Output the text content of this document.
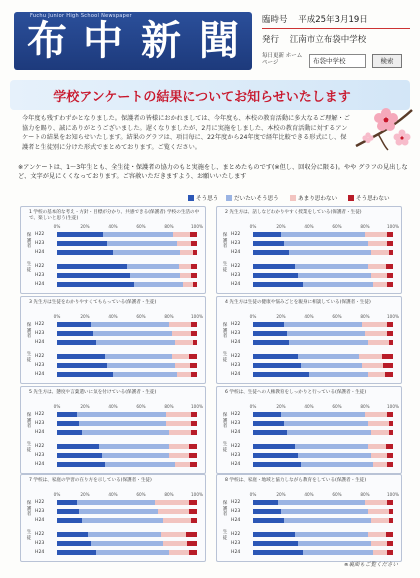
Fuchu Junior High School Newspaper
布 中 新 聞	臨時号 平成25年3月19日
発行 江南市立布袋中学校
毎日更新 ホームページ	布袋中学校	検索
学校アンケートの結果についてお知らせいたします
今年度も残すわずかとなりました。保護者の皆様におかれましては、今年度も、本校の教育活動に多大なるご理解・ご協力を賜り、誠にありがとうございました。遅くなりましたが、2月に実施をしました、本校の教育活動に対するアンケートの結果をお知らせいたします。結果のグラフは、項目毎に、22年度から24年度で経年比較できる形式にし、保護者と生徒別に分けた形式でまとめております。ご覧ください。
※アンケートは、1〜3年生とも、全生徒・保護者の協力のもと実施をし、まとめたものです(※但し、回収分に限る)。やや グラフの見出しなど、文字が見にくくなっております。ご容赦いただきますよう、お願いいたします
そう思う	だいたいそう思う	あまり思わない	そう思わない
1 学校の基本的な考え・方針・目標が分かり、共感できる(保護者) 学校の生活の中で、楽しいと思う(生徒)
0%	20%	40%	60%	80%	100%
保護者
生徒
H22
H23
H24
H22
H23
H24
2 先生方は、話しなどわかりやすく授業をしている(保護者・生徒)
0%	20%	40%	60%	80%	100%
保護者
生徒
H22
H23
H24
H22
H23
H24
3 先生方は生徒をわかりやすくてもらっている(保護者・生徒)
0%	20%	40%	60%	80%	100%
保護者
生徒
H22
H23
H24
H22
H23
H24
4 先生方は生徒の健康や悩みごとを親身に相談している(保護者・生徒)
0%	20%	40%	60%	80%	100%
保護者
生徒
H22
H23
H24
H22
H23
H24
5 先生方は、態度や言葉遣いに気を付けている(保護者・生徒)
0%	20%	40%	60%	80%	100%
保護者
生徒
H22
H23
H24
H22
H23
H24
6 学校は、生徒への人権教育をしっかりと行っている(保護者・生徒)
0%	20%	40%	60%	80%	100%
保護者
生徒
H22
H23
H24
H22
H23
H24
7 学校は、家庭の学習の在り方を示している(保護者・生徒)
0%	20%	40%	60%	80%	100%
保護者
生徒
H22
H23
H24
H22
H23
H24
8 学校は、家庭・地域と協力しながら教育をしている(保護者・生徒)
0%	20%	40%	60%	80%	100%
保護者
生徒
H22
H23
H24
H22
H23
H24
※裏面もご覧ください
